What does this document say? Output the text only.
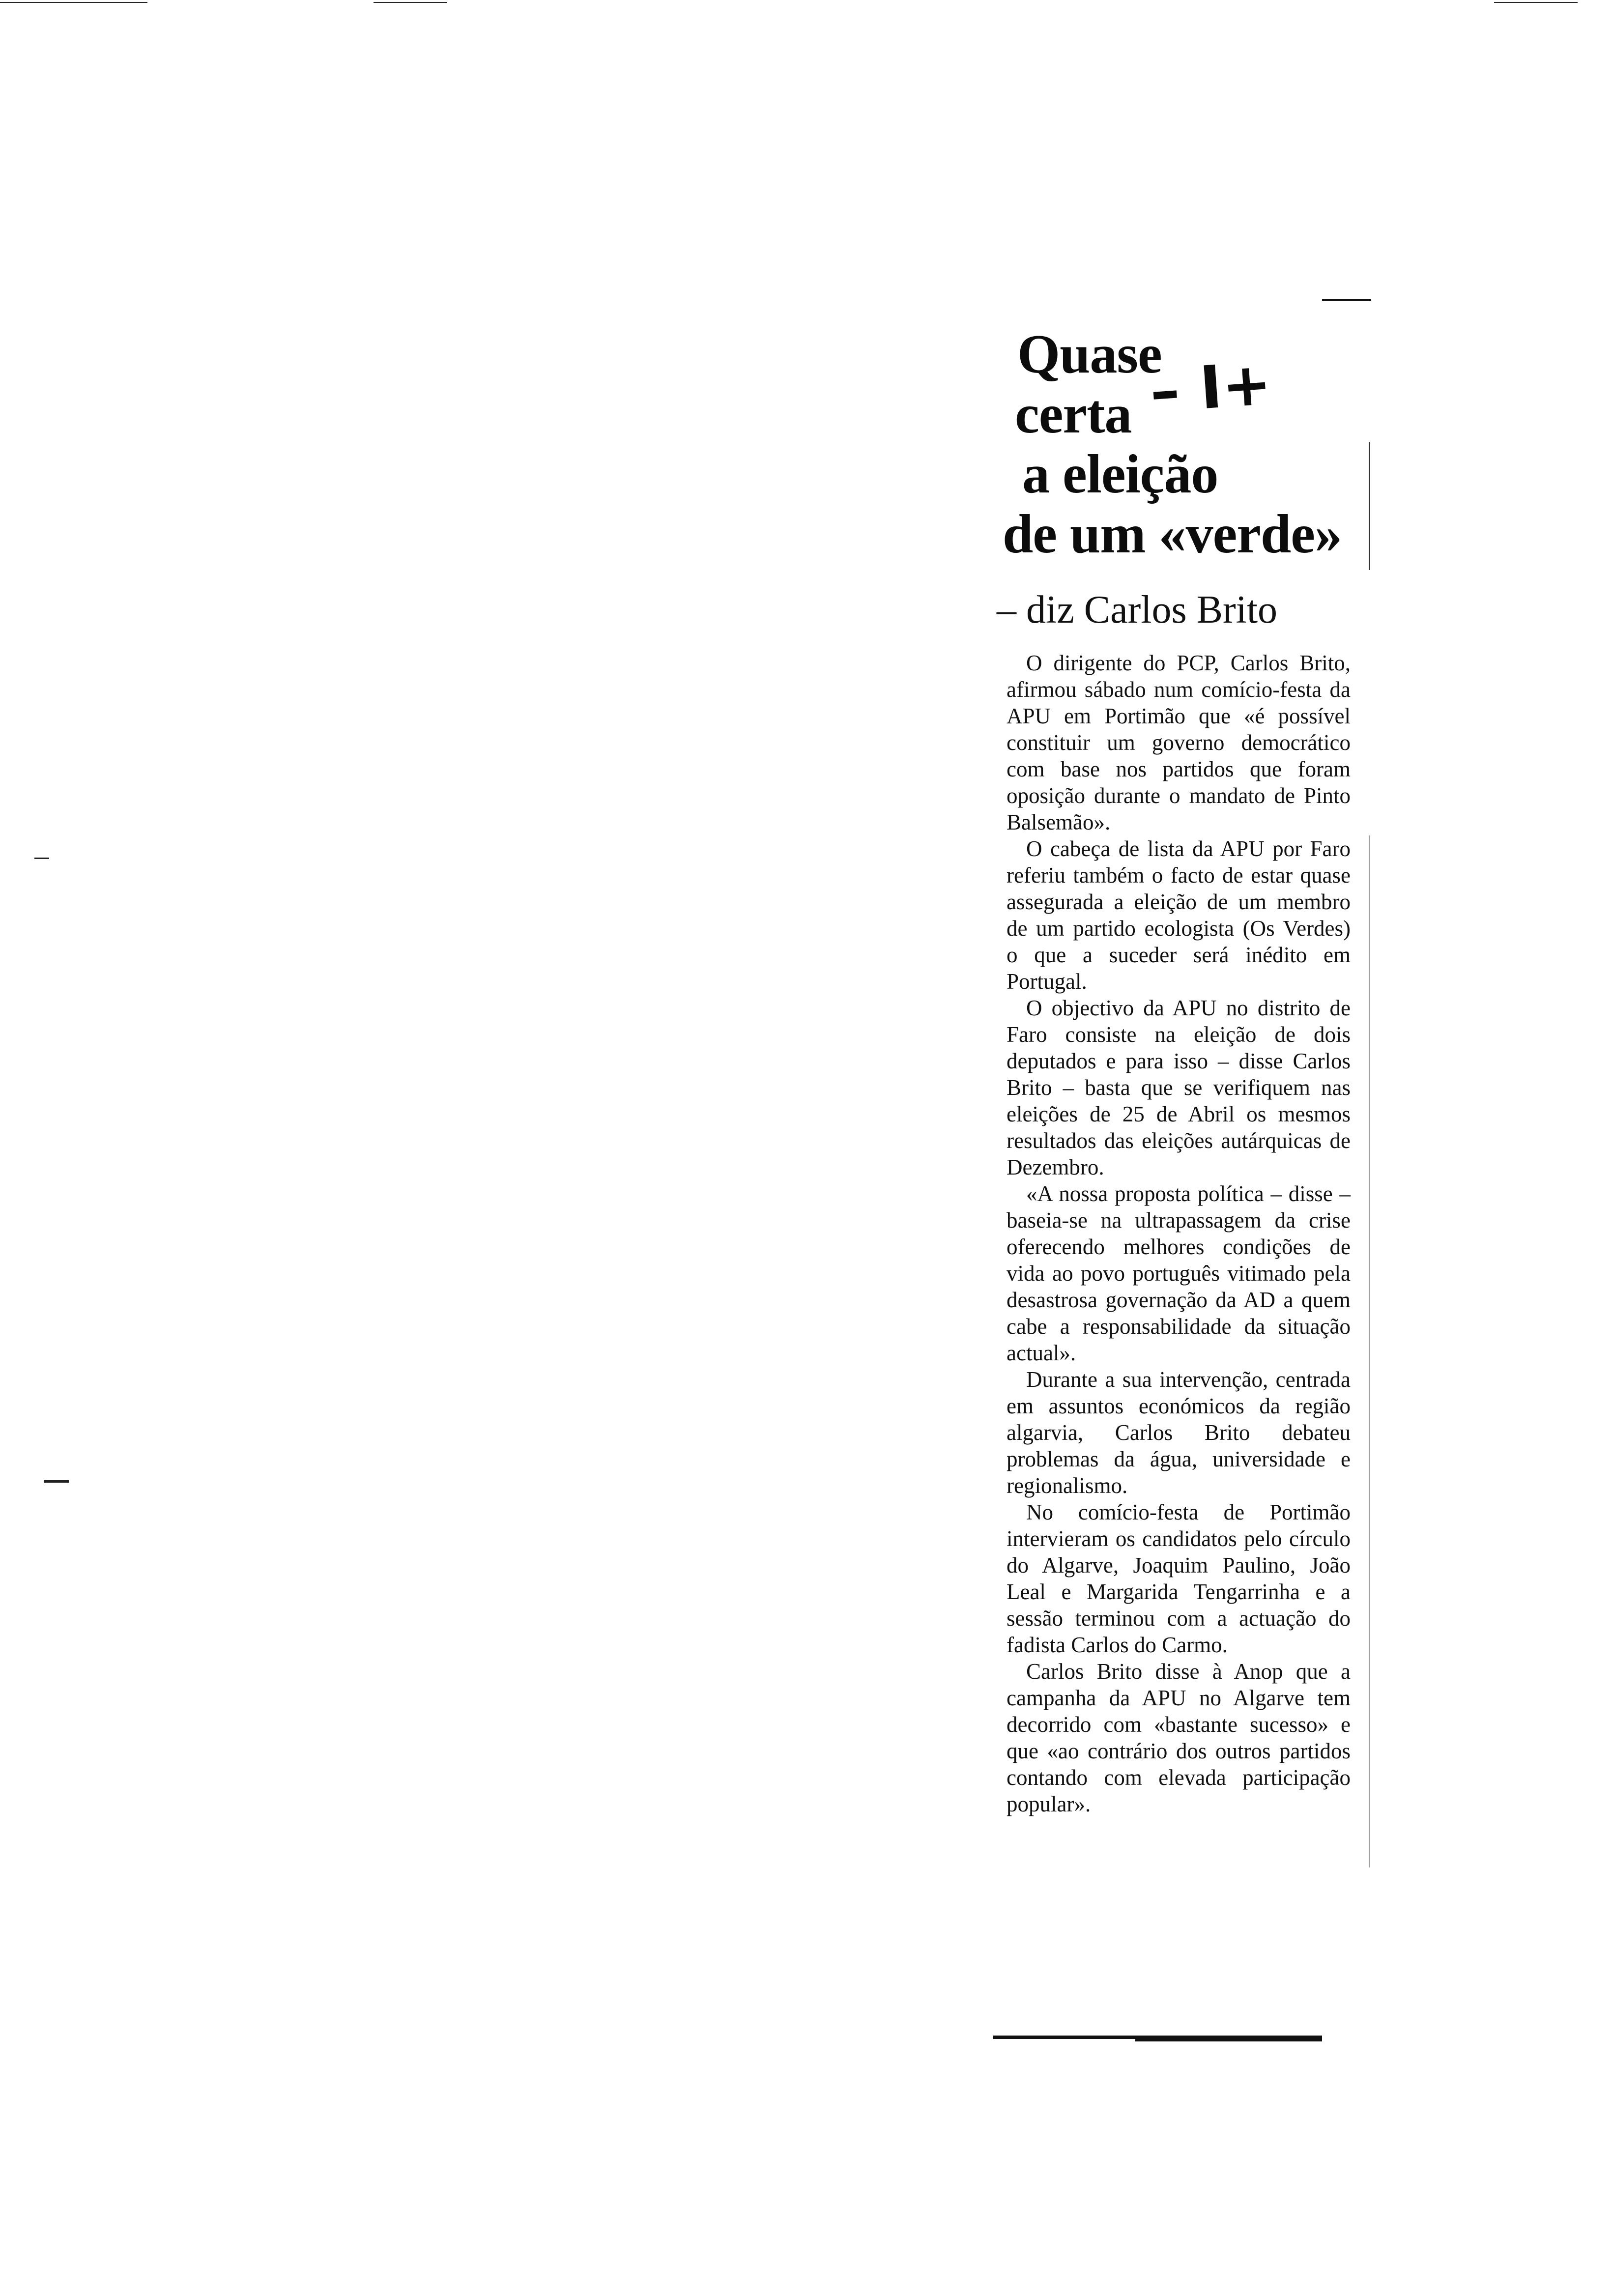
– I+
Quase
certa
a eleição
de um «verde»
– diz Carlos Brito

O dirigente do PCP, Carlos Brito, afirmou sábado num comício-festa da APU em Portimão que «é possível constituir um governo democrático com base nos partidos que foram oposição durante o mandato de Pinto Balsemão».

O cabeça de lista da APU por Faro referiu também o facto de estar quase assegurada a eleição de um membro de um partido ecologista (Os Verdes) o que a suceder será inédito em Portugal.

O objectivo da APU no distrito de Faro consiste na eleição de dois deputados e para isso – disse Carlos Brito – basta que se verifiquem nas eleições de 25 de Abril os mesmos resultados das eleições autárquicas de Dezembro.

«A nossa proposta política – disse – baseia-se na ultrapassagem da crise oferecendo melhores condições de vida ao povo português vitimado pela desastrosa governação da AD a quem cabe a responsabilidade da situação actual».

Durante a sua intervenção, centrada em assuntos económicos da região algarvia, Carlos Brito debateu problemas da água, universidade e regionalismo.

No comício-festa de Portimão intervieram os candidatos pelo círculo do Algarve, Joaquim Paulino, João Leal e Margarida Tengarrinha e a sessão terminou com a actuação do fadista Carlos do Carmo.

Carlos Brito disse à Anop que a campanha da APU no Algarve tem decorrido com «bastante sucesso» e que «ao contrário dos outros partidos contando com elevada participação popular».
